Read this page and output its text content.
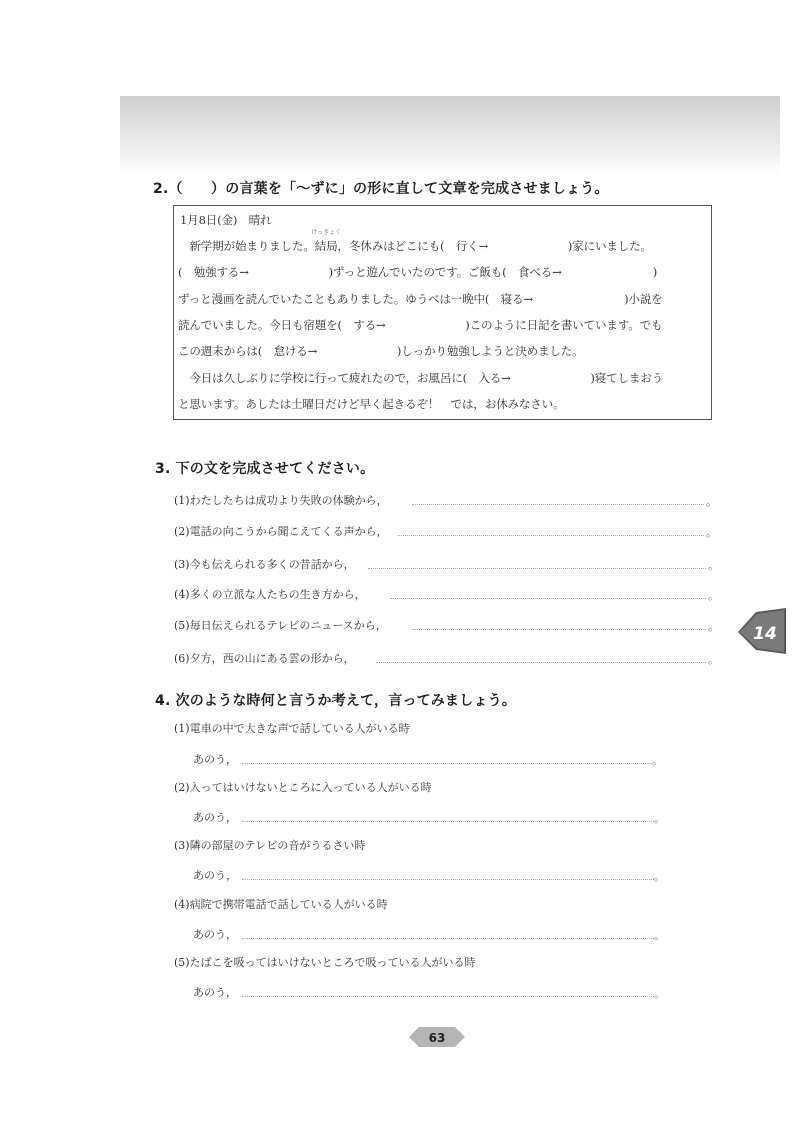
2.（　　）の言葉を「～ずに」の形に直して文章を完成させましょう。
けっきょく
1月8日(金)　晴れ
　新学期が始まりました。結局，冬休みはどこにも(　行く→　　　　　　　)家にいました。
(　勉強する→　　　　　　　)ずっと遊んでいたのです。ご飯も(　食べる→　　　　　　　　)
ずっと漫画を読んでいたこともありました。ゆうべは一晩中(　寝る→　　　　　　　　)小説を
読んでいました。今日も宿題を(　する→　　　　　　　)このように日記を書いています。でも
この週末からは(　怠ける→　　　　　　　)しっかり勉強しようと決めました。
　今日は久しぶりに学校に行って疲れたので，お風呂に(　入る→　　　　　　　)寝てしまおう
と思います。あしたは土曜日だけど早く起きるぞ！　では，お休みなさい。
3. 下の文を完成させてください。
(1)わたしたちは成功より失敗の体験から，	。
(2)電話の向こうから聞こえてくる声から，	。
(3)今も伝えられる多くの昔話から，	。
(4)多くの立派な人たちの生き方から，	。
(5)毎日伝えられるテレビのニュースから，	。
(6)夕方，西の山にある雲の形から，	。
14
4. 次のような時何と言うか考えて，言ってみましょう。
(1)電車の中で大きな声で話している人がいる時
あのう，	。
(2)入ってはいけないところに入っている人がいる時
あのう，	。
(3)隣の部屋のテレビの音がうるさい時
あのう，	。
(4)病院で携帯電話で話している人がいる時
あのう，	。
(5)たばこを吸ってはいけないところで吸っている人がいる時
あのう，	。
63
